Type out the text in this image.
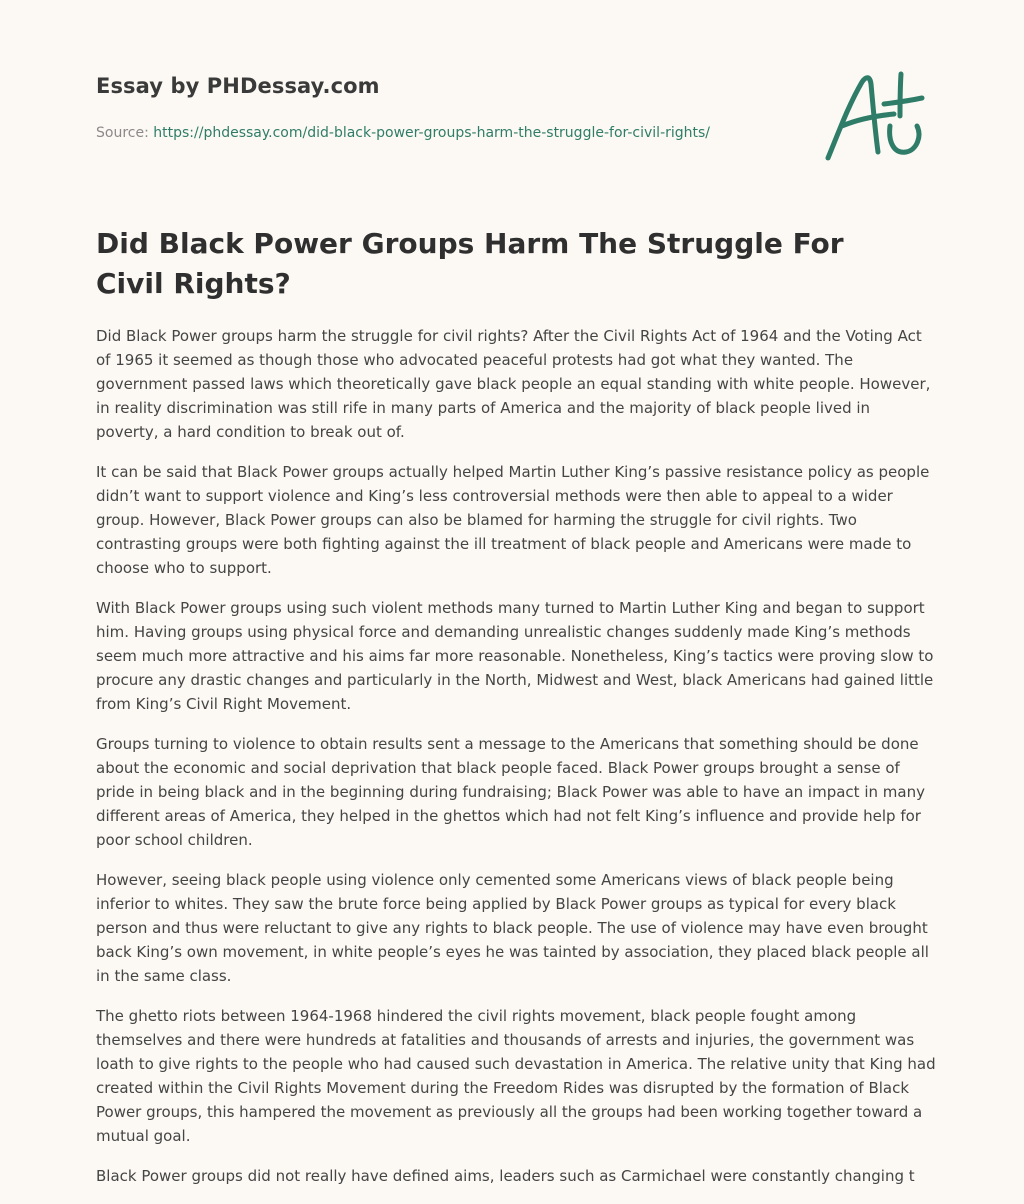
Essay by PHDessay.com
Source: https://phdessay.com/did-black-power-groups-harm-the-struggle-for-civil-rights/
Did Black Power Groups Harm The Struggle For Civil Rights?

Did Black Power groups harm the struggle for civil rights? After the Civil Rights Act of 1964 and the Voting Act of 1965 it seemed as though those who advocated peaceful protests had got what they wanted. The government passed laws which theoretically gave black people an equal standing with white people. However, in reality discrimination was still rife in many parts of America and the majority of black people lived in poverty, a hard condition to break out of.

It can be said that Black Power groups actually helped Martin Luther King’s passive resistance policy as people didn’t want to support violence and King’s less controversial methods were then able to appeal to a wider group. However, Black Power groups can also be blamed for harming the struggle for civil rights. Two contrasting groups were both fighting against the ill treatment of black people and Americans were made to choose who to support.

With Black Power groups using such violent methods many turned to Martin Luther King and began to support him. Having groups using physical force and demanding unrealistic changes suddenly made King’s methods seem much more attractive and his aims far more reasonable. Nonetheless, King’s tactics were proving slow to procure any drastic changes and particularly in the North, Midwest and West, black Americans had gained little from King’s Civil Right Movement.

Groups turning to violence to obtain results sent a message to the Americans that something should be done about the economic and social deprivation that black people faced. Black Power groups brought a sense of pride in being black and in the beginning during fundraising; Black Power was able to have an impact in many different areas of America, they helped in the ghettos which had not felt King’s influence and provide help for poor school children.

However, seeing black people using violence only cemented some Americans views of black people being inferior to whites. They saw the brute force being applied by Black Power groups as typical for every black person and thus were reluctant to give any rights to black people. The use of violence may have even brought back King’s own movement, in white people’s eyes he was tainted by association, they placed black people all in the same class.

The ghetto riots between 1964-1968 hindered the civil rights movement, black people fought among themselves and there were hundreds at fatalities and thousands of arrests and injuries, the government was loath to give rights to the people who had caused such devastation in America. The relative unity that King had created within the Civil Rights Movement during the Freedom Rides was disrupted by the formation of Black Power groups, this hampered the movement as previously all the groups had been working together toward a mutual goal.

Black Power groups did not really have defined aims, leaders such as Carmichael were constantly changing t
